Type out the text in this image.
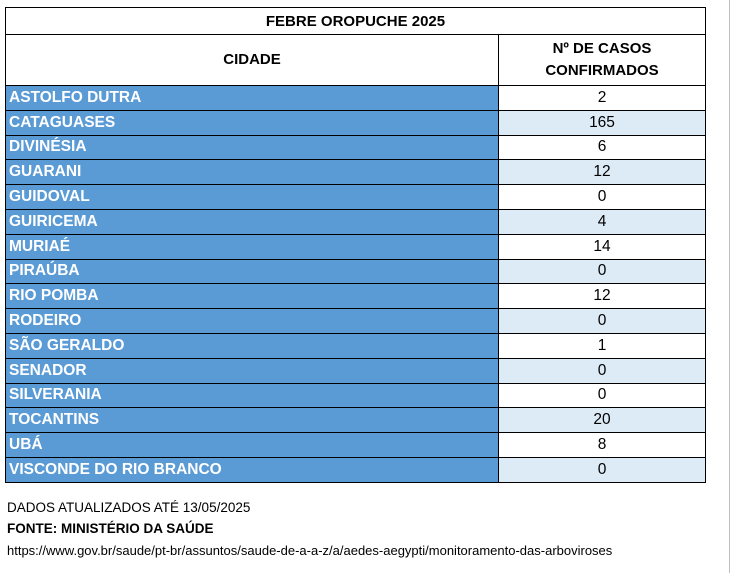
FEBRE OROPUCHE 2025	
CIDADE	Nº DE CASOS
CONFIRMADOS
ASTOLFO DUTRA	2
CATAGUASES	165
DIVINÉSIA	6
GUARANI	12
GUIDOVAL	0
GUIRICEMA	4
MURIAÉ	14
PIRAÚBA	0
RIO POMBA	12
RODEIRO	0
SÃO GERALDO	1
SENADOR	0
SILVERANIA	0
TOCANTINS	20
UBÁ	8
VISCONDE DO RIO BRANCO	0
DADOS ATUALIZADOS ATÉ 13/05/2025
FONTE: MINISTÉRIO DA SAÚDE
https://www.gov.br/saude/pt-br/assuntos/saude-de-a-a-z/a/aedes-aegypti/monitoramento-das-arboviroses
